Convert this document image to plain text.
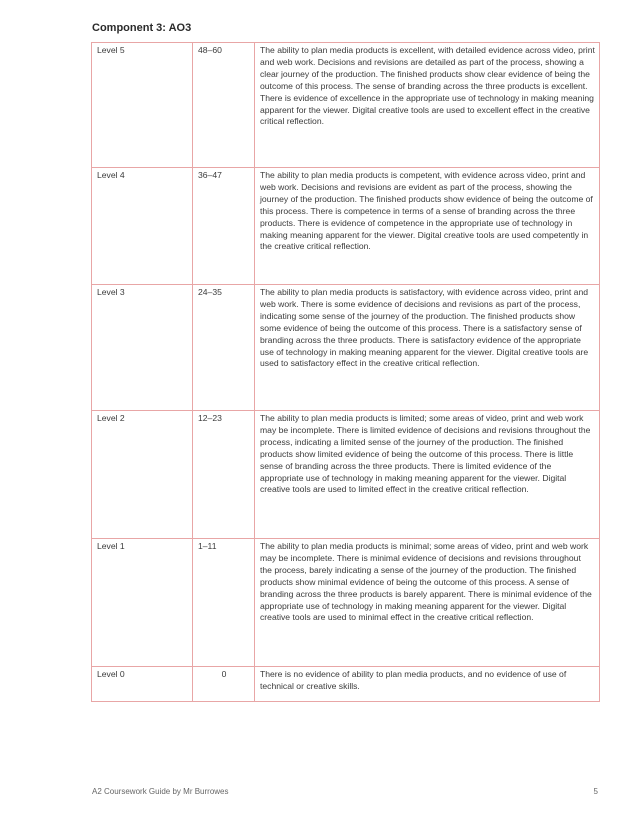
Component 3: AO3
Level 5	48–60	The ability to plan media products is excellent, with detailed evidence across video, print and web work. Decisions and revisions are detailed as part of the process, showing a clear journey of the production. The finished products show clear evidence of being the outcome of this process. The sense of branding across the three products is excellent. There is evidence of excellence in the appropriate use of technology in making meaning apparent for the viewer. Digital creative tools are used to excellent effect in the creative critical reflection.
Level 4	36–47	The ability to plan media products is competent, with evidence across video, print and web work. Decisions and revisions are evident as part of the process, showing the journey of the production. The finished products show evidence of being the outcome of this process. There is competence in terms of a sense of branding across the three products. There is evidence of competence in the appropriate use of technology in making meaning apparent for the viewer. Digital creative tools are used competently in the creative critical reflection.
Level 3	24–35	The ability to plan media products is satisfactory, with evidence across video, print and web work. There is some evidence of decisions and revisions as part of the process, indicating some sense of the journey of the production. The finished products show some evidence of being the outcome of this process. There is a satisfactory sense of branding across the three products. There is satisfactory evidence of the appropriate use of technology in making meaning apparent for the viewer. Digital creative tools are used to satisfactory effect in the creative critical reflection.
Level 2	12–23	The ability to plan media products is limited; some areas of video, print and web work may be incomplete. There is limited evidence of decisions and revisions throughout the process, indicating a limited sense of the journey of the production. The finished products show limited evidence of being the outcome of this process. There is little sense of branding across the three products. There is limited evidence of the appropriate use of technology in making meaning apparent for the viewer. Digital creative tools are used to limited effect in the creative critical reflection.
Level 1	1–11	The ability to plan media products is minimal; some areas of video, print and web work may be incomplete. There is minimal evidence of decisions and revisions throughout the process, barely indicating a sense of the journey of the production. The finished products show minimal evidence of being the outcome of this process. A sense of branding across the three products is barely apparent. There is minimal evidence of the appropriate use of technology in making meaning apparent for the viewer. Digital creative tools are used to minimal effect in the creative critical reflection.
Level 0	0	There is no evidence of ability to plan media products, and no evidence of use of technical or creative skills.
A2 Coursework Guide by Mr Burrowes	5
